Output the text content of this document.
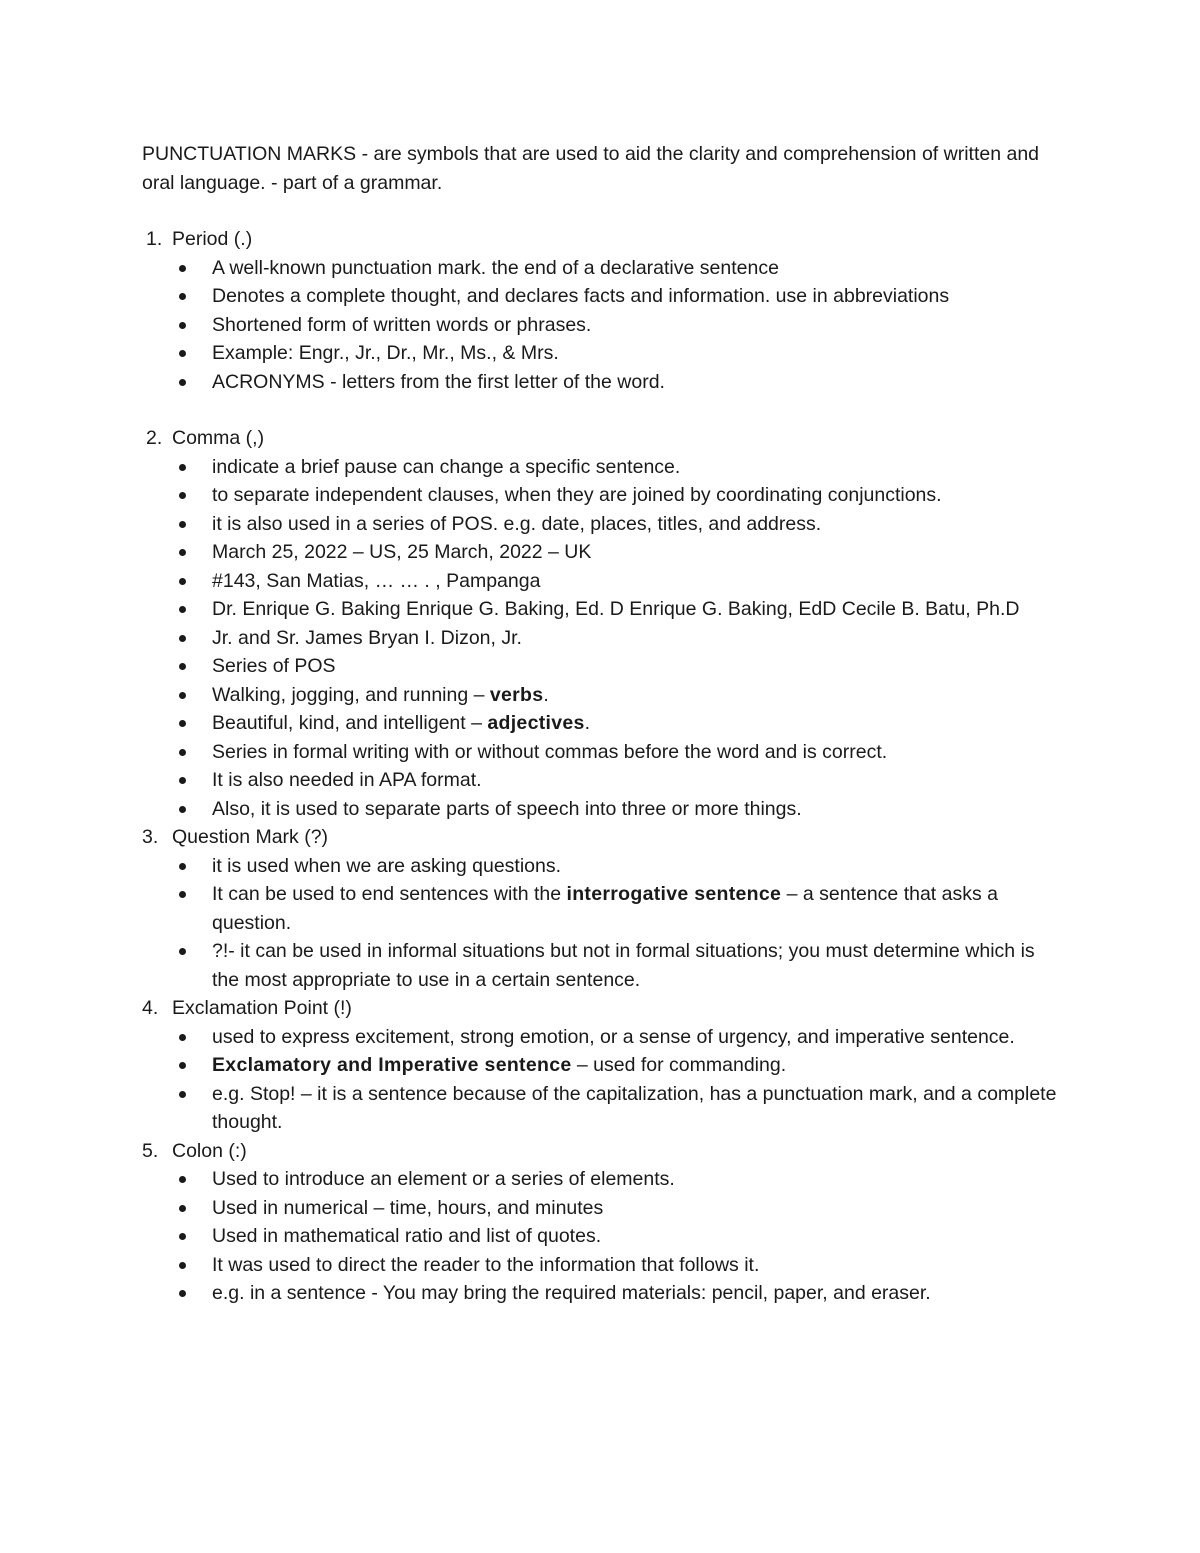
PUNCTUATION MARKS - are symbols that are used to aid the clarity and comprehension of written and oral language. - part of a grammar.

1. Period (.)
A well-known punctuation mark. the end of a declarative sentence
Denotes a complete thought, and declares facts and information. use in abbreviations
Shortened form of written words or phrases.
Example: Engr., Jr., Dr., Mr., Ms., & Mrs.
ACRONYMS - letters from the first letter of the word.
2. Comma (,)
indicate a brief pause can change a specific sentence.
to separate independent clauses, when they are joined by coordinating conjunctions.
it is also used in a series of POS. e.g. date, places, titles, and address.
March 25, 2022 – US, 25 March, 2022 – UK
#143, San Matias, … … . , Pampanga
Dr. Enrique G. Baking Enrique G. Baking, Ed. D Enrique G. Baking, EdD Cecile B. Batu, Ph.D
Jr. and Sr. James Bryan I. Dizon, Jr.
Series of POS
Walking, jogging, and running – verbs.
Beautiful, kind, and intelligent – adjectives.
Series in formal writing with or without commas before the word and is correct.
It is also needed in APA format.
Also, it is used to separate parts of speech into three or more things.
3. Question Mark (?)
it is used when we are asking questions.
It can be used to end sentences with the interrogative sentence – a sentence that asks a question.
?!- it can be used in informal situations but not in formal situations; you must determine which is the most appropriate to use in a certain sentence.
4. Exclamation Point (!)
used to express excitement, strong emotion, or a sense of urgency, and imperative sentence.
Exclamatory and Imperative sentence – used for commanding.
e.g. Stop! – it is a sentence because of the capitalization, has a punctuation mark, and a complete thought.
5. Colon (:)
Used to introduce an element or a series of elements.
Used in numerical – time, hours, and minutes
Used in mathematical ratio and list of quotes.
It was used to direct the reader to the information that follows it.
e.g. in a sentence - You may bring the required materials: pencil, paper, and eraser.
